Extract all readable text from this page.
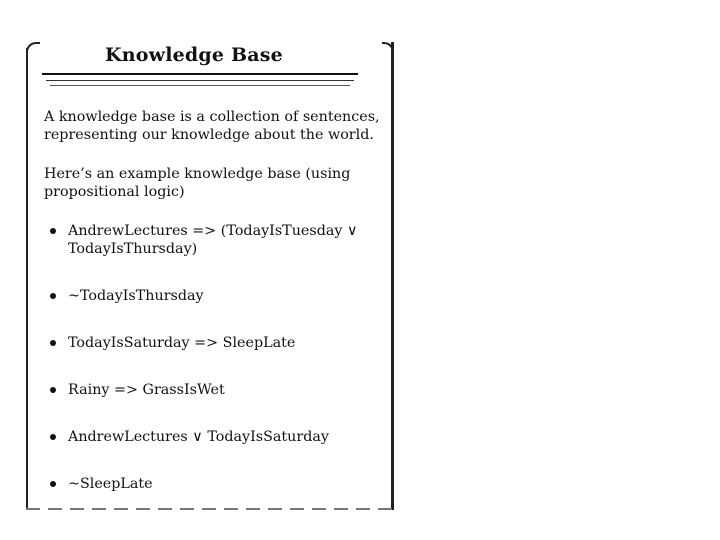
Knowledge Base

A knowledge base is a collection of sentences, representing our knowledge about the world.

Here’s an example knowledge base (using propositional logic)

AndrewLectures => (TodayIsTuesday ∨ TodayIsThursday)
~TodayIsThursday
TodayIsSaturday => SleepLate
Rainy => GrassIsWet
AndrewLectures ∨ TodayIsSaturday
~SleepLate
